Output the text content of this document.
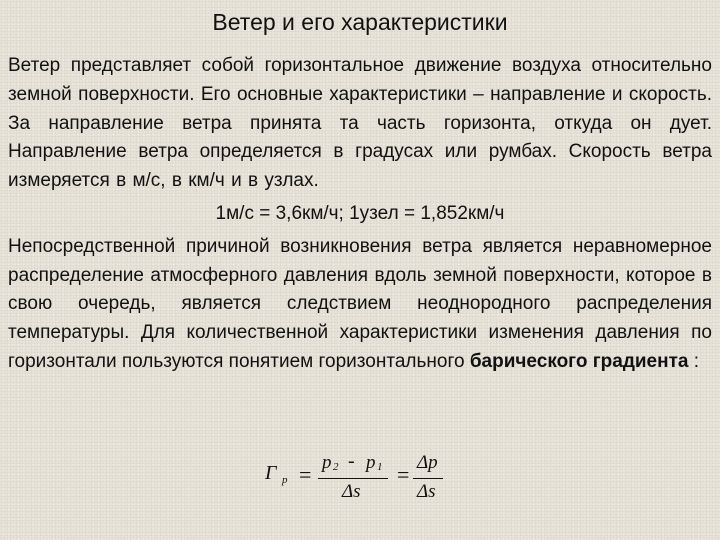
Ветер и его характеристики

Ветер представляет собой горизонтальное движение воздуха относительно земной поверхности. Его основные характеристики – направление и скорость. За направление ветра принята та часть горизонта, откуда он дует. Направление ветра определяется в градусах или румбах. Скорость ветра измеряется в м/с, в км/ч и в узлах.

1м/с = 3,6км/ч; 1узел = 1,852км/ч

Непосредственной причиной возникновения ветра является неравномерное распределение атмосферного давления вдоль земной поверхности, которое в свою очередь, является следствием неоднородного распределения температуры. Для количественной характеристики изменения давления по горизонтали пользуются понятием горизонтального барического градиента :

Г р = p 2 - p 1
Δs
= Δp
Δs
